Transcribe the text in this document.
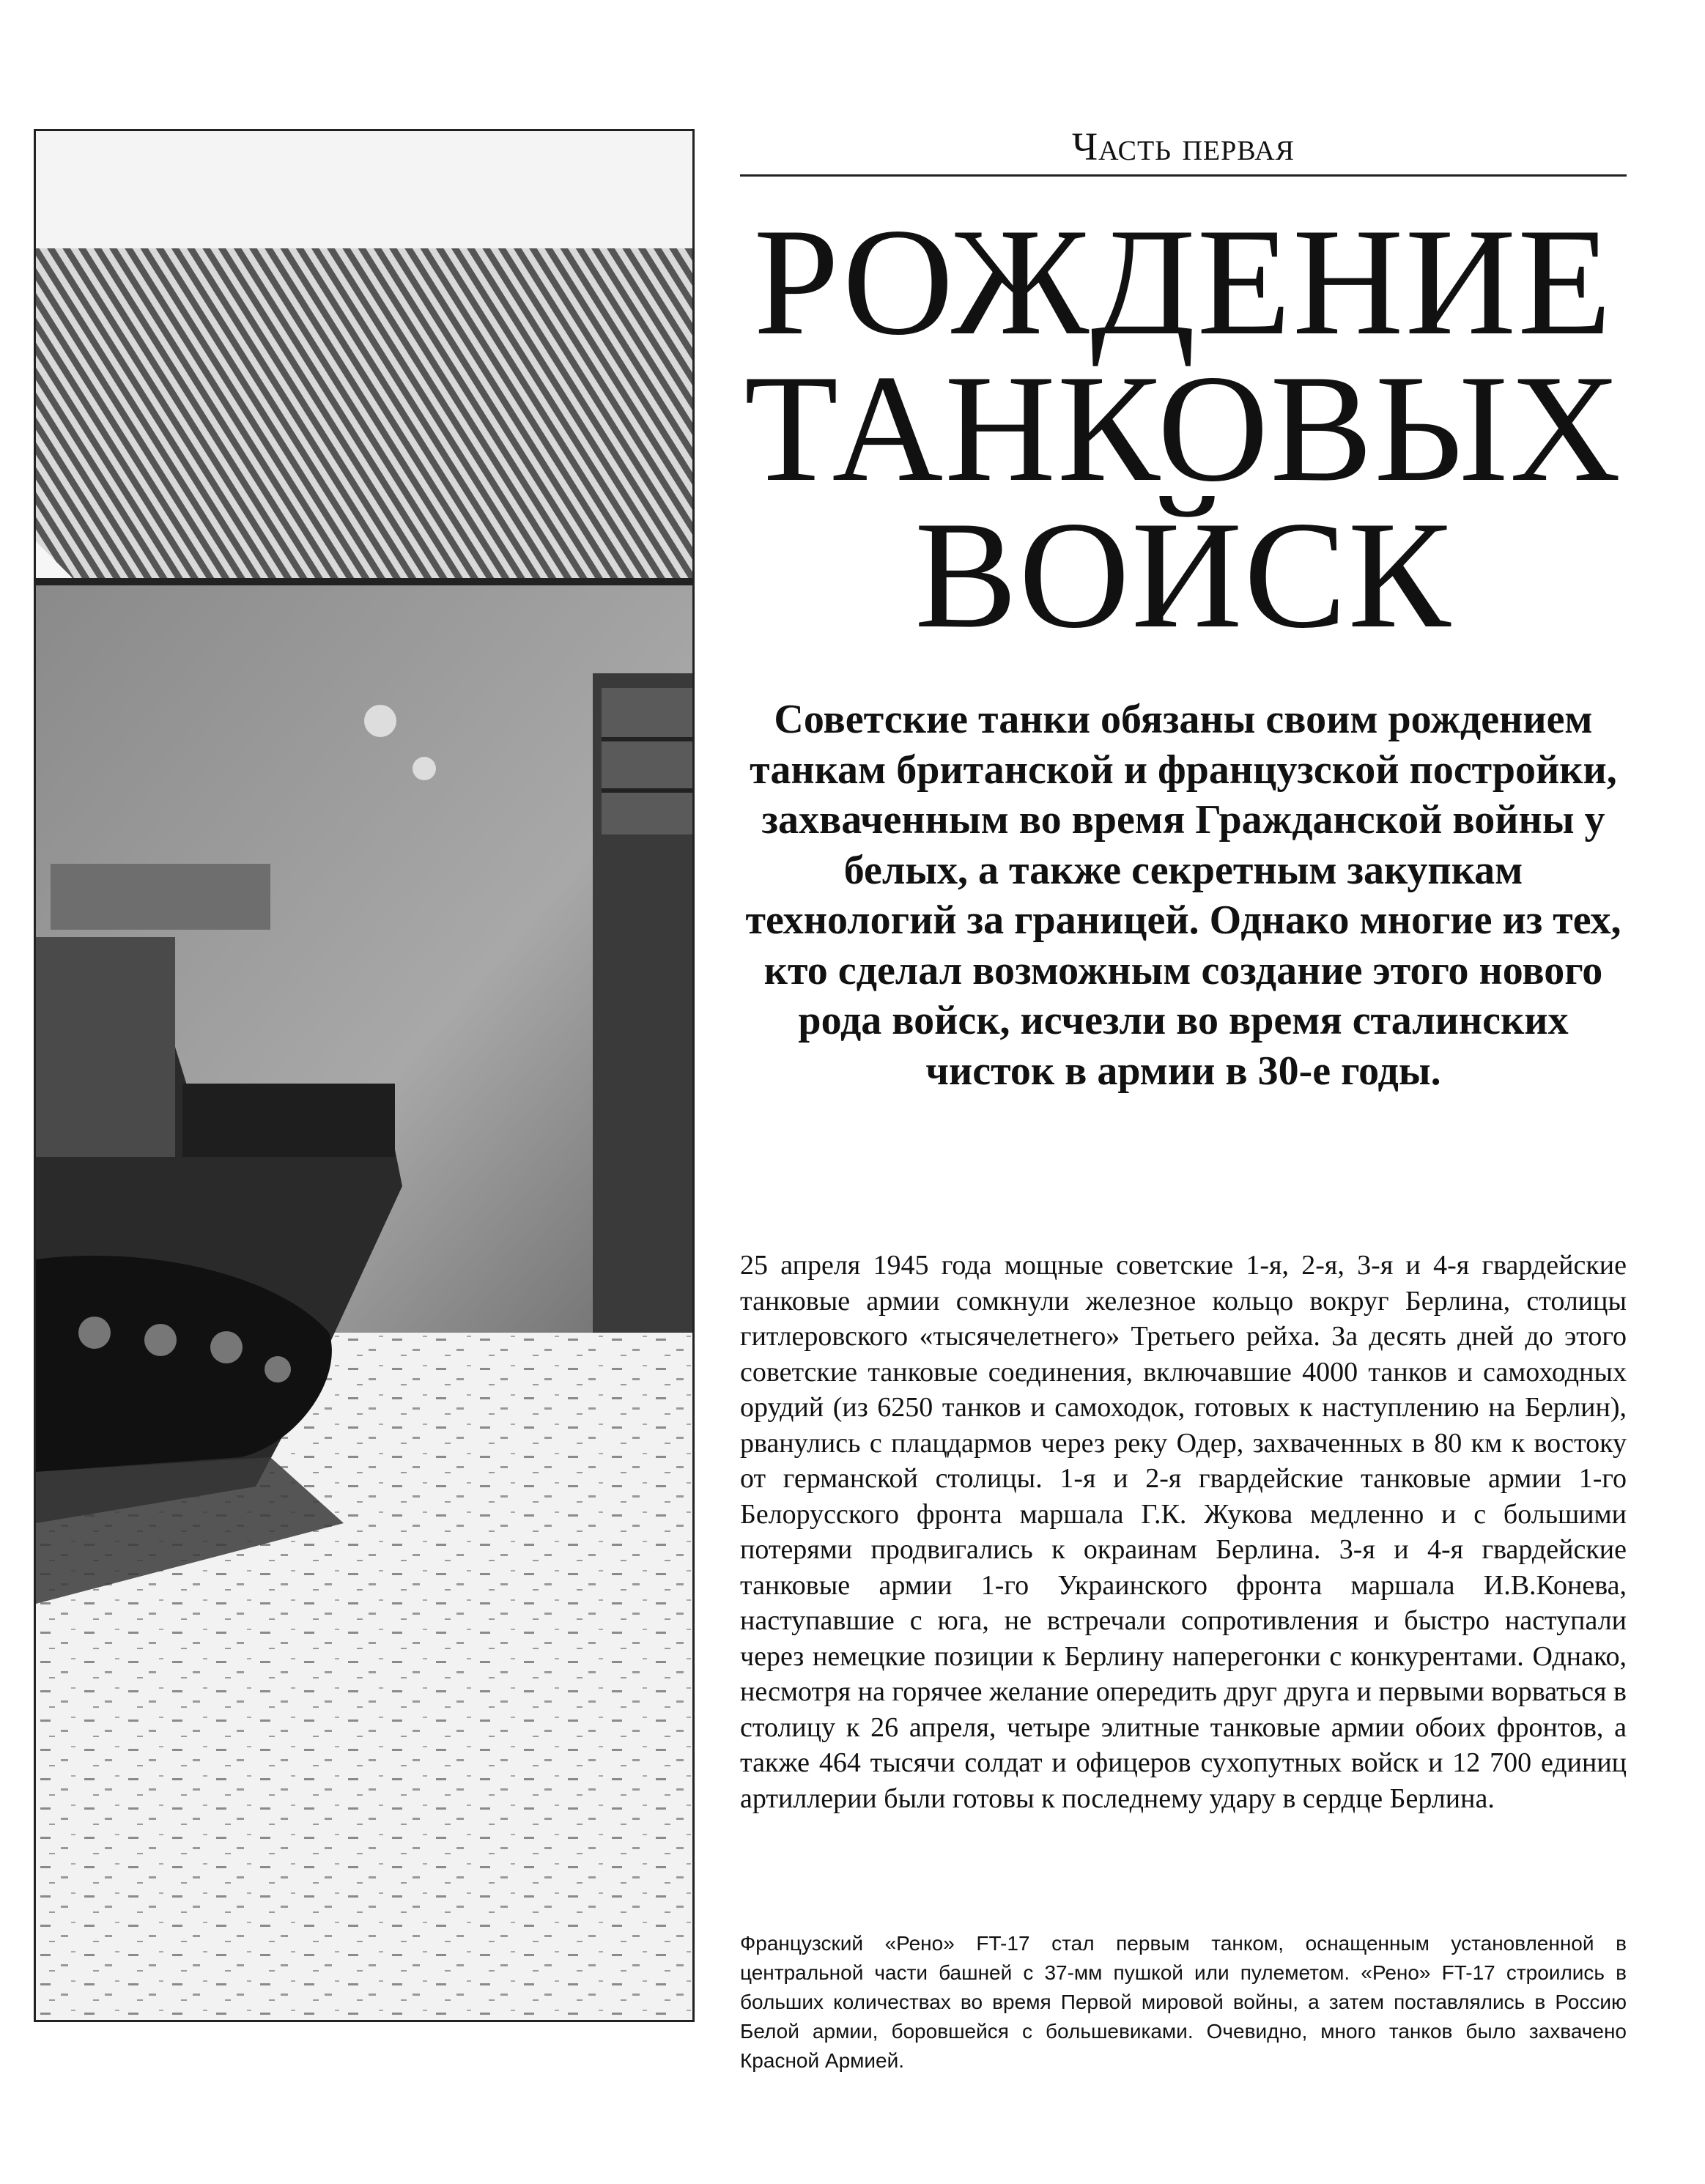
Часть первая

РОЖДЕНИЕ
ТАНКОВЫХ
ВОЙСК

Советские танки обязаны своим рождением танкам британской и французской постройки, захваченным во время Гражданской войны у белых, а также секретным закупкам технологий за границей. Однако многие из тех, кто сделал возможным создание этого нового рода войск, исчезли во время сталинских чисток в армии в 30-е годы.

25 апреля 1945 года мощные советские 1-я, 2-я, 3-я и 4-я гвардейские танковые армии сомкнули железное кольцо вокруг Берлина, столицы гитлеровского «тысячелетнего» Третьего рейха. За десять дней до этого советские танковые соединения, включавшие 4000 танков и самоходных орудий (из 6250 танков и самоходок, готовых к наступлению на Берлин), рванулись с плацдармов через реку Одер, захваченных в 80 км к востоку от германской столицы. 1-я и 2-я гвардейские танковые армии 1-го Белорусского фронта маршала Г.К. Жукова медленно и с большими потерями продвигались к окраинам Берлина. 3-я и 4-я гвардейские танковые армии 1-го Украинского фронта маршала И.В.Конева, наступавшие с юга, не встречали сопротивления и быстро наступали через немецкие позиции к Берлину наперегонки с конкурентами. Однако, несмотря на горячее желание опередить друг друга и первыми ворваться в столицу к 26 апреля, четыре элитные танковые армии обоих фронтов, а также 464 тысячи солдат и офицеров сухопутных войск и 12 700 единиц артиллерии были готовы к последнему удару в сердце Берлина.

Французский «Рено» FT-17 стал первым танком, оснащенным установленной в центральной части башней с 37-мм пушкой или пулеметом. «Рено» FT-17 строились в больших количествах во время Первой мировой войны, а затем поставлялись в Россию Белой армии, боровшейся с большевиками. Очевидно, много танков было захвачено Красной Армией.
